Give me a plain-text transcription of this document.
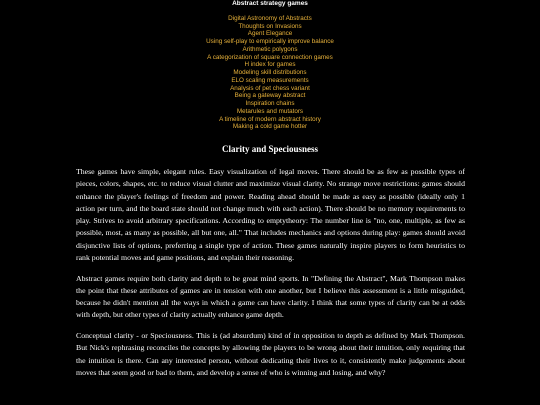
Abstract strategy games
Digital Astronomy of Abstracts
Thoughts on Invasions
Agent Elegance
Using self-play to empirically improve balance
Arithmetic polygons
A categorization of square connection games
H index for games
Modeling skill distributions
ELO scaling measurements
Analysis of pet chess variant
Being a gateway abstract
Inspiration chains
Metarules and mutators
A timeline of modern abstract history
Making a cold game hotter
Clarity and Speciousness

These games have simple, elegant rules. Easy visualization of legal moves. There should be as few as possible types of pieces, colors, shapes, etc. to reduce visual clutter and maximize visual clarity. No strange move restrictions: games should enhance the player's feelings of freedom and power. Reading ahead should be made as easy as possible (ideally only 1 action per turn, and the board state should not change much with each action). There should be no memory requirements to play. Strives to avoid arbitrary specifications. According to emptytheory: The number line is "no, one, multiple, as few as possible, most, as many as possible, all but one, all." That includes mechanics and options during play: games should avoid disjunctive lists of options, preferring a single type of action. These games naturally inspire players to form heuristics to rank potential moves and game positions, and explain their reasoning.

Abstract games require both clarity and depth to be great mind sports. In "Defining the Abstract", Mark Thompson makes the point that these attributes of games are in tension with one another, but I believe this assessment is a little misguided, because he didn't mention all the ways in which a game can have clarity. I think that some types of clarity can be at odds with depth, but other types of clarity actually enhance game depth.

Conceptual clarity - or Speciousness. This is (ad absurdum) kind of in opposition to depth as defined by Mark Thompson. But Nick's rephrasing reconciles the concepts by allowing the players to be wrong about their intuition, only requiring that the intuition is there. Can any interested person, without dedicating their lives to it, consistently make judgements about moves that seem good or bad to them, and develop a sense of who is winning and losing, and why?
